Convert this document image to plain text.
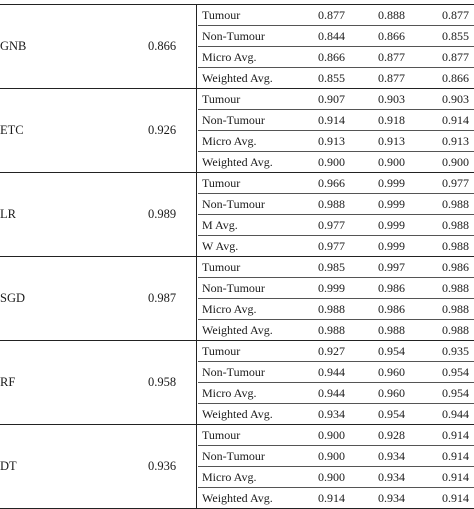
GNB	0.866
Tumour	0.877	0.888	0.877
Non-Tumour	0.844	0.866	0.855
Micro Avg.	0.866	0.877	0.877
Weighted Avg.	0.855	0.877	0.866
ETC	0.926
Tumour	0.907	0.903	0.903
Non-Tumour	0.914	0.918	0.914
Micro Avg.	0.913	0.913	0.913
Weighted Avg.	0.900	0.900	0.900
LR	0.989
Tumour	0.966	0.999	0.977
Non-Tumour	0.988	0.999	0.988
M Avg.	0.977	0.999	0.988
W Avg.	0.977	0.999	0.988
SGD	0.987
Tumour	0.985	0.997	0.986
Non-Tumour	0.999	0.986	0.988
Micro Avg.	0.988	0.986	0.988
Weighted Avg.	0.988	0.988	0.988
RF	0.958
Tumour	0.927	0.954	0.935
Non-Tumour	0.944	0.960	0.954
Micro Avg.	0.944	0.960	0.954
Weighted Avg.	0.934	0.954	0.944
DT	0.936
Tumour	0.900	0.928	0.914
Non-Tumour	0.900	0.934	0.914
Micro Avg.	0.900	0.934	0.914
Weighted Avg.	0.914	0.934	0.914
